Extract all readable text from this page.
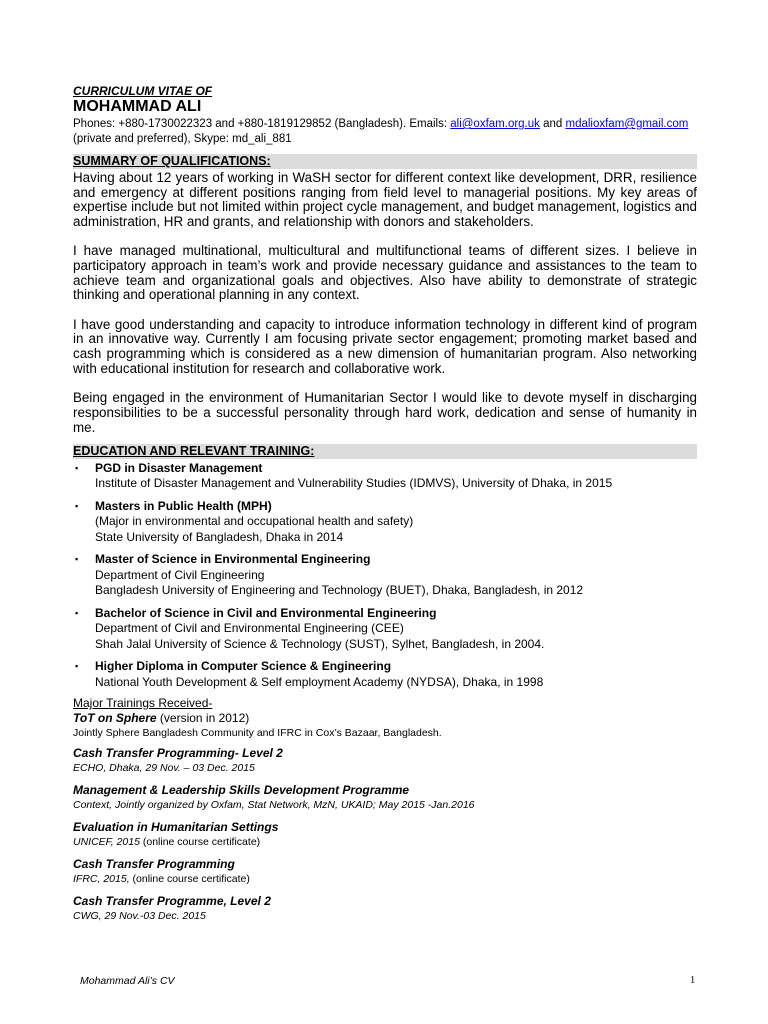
CURRICULUM VITAE OF
MOHAMMAD ALI
Phones: +880-1730022323 and +880-1819129852 (Bangladesh). Emails: ali@oxfam.org.uk and mdalioxfam@gmail.com
(private and preferred), Skype: md_ali_881
SUMMARY OF QUALIFICATIONS:

Having about 12 years of working in WaSH sector for different context like development, DRR, resilience and emergency at different positions ranging from field level to managerial positions. My key areas of expertise include but not limited within project cycle management, and budget management, logistics and administration, HR and grants, and relationship with donors and stakeholders.

I have managed multinational, multicultural and multifunctional teams of different sizes. I believe in participatory approach in team’s work and provide necessary guidance and assistances to the team to achieve team and organizational goals and objectives. Also have ability to demonstrate of strategic thinking and operational planning in any context.

I have good understanding and capacity to introduce information technology in different kind of program in an innovative way. Currently I am focusing private sector engagement; promoting market based and cash programming which is considered as a new dimension of humanitarian program. Also networking with educational institution for research and collaborative work.

Being engaged in the environment of Humanitarian Sector I would like to devote myself in discharging responsibilities to be a successful personality through hard work, dedication and sense of humanity in me.

EDUCATION AND RELEVANT TRAINING:
▪ PGD in Disaster Management
Institute of Disaster Management and Vulnerability Studies (IDMVS), University of Dhaka, in 2015
▪ Masters in Public Health (MPH)
(Major in environmental and occupational health and safety)
State University of Bangladesh, Dhaka in 2014
▪ Master of Science in Environmental Engineering
Department of Civil Engineering
Bangladesh University of Engineering and Technology (BUET), Dhaka, Bangladesh, in 2012
▪ Bachelor of Science in Civil and Environmental Engineering
Department of Civil and Environmental Engineering (CEE)
Shah Jalal University of Science & Technology (SUST), Sylhet, Bangladesh, in 2004.
▪ Higher Diploma in Computer Science & Engineering
National Youth Development & Self employment Academy (NYDSA), Dhaka, in 1998
Major Trainings Received-
ToT on Sphere (version in 2012)
Jointly Sphere Bangladesh Community and IFRC in Cox’s Bazaar, Bangladesh.
Cash Transfer Programming- Level 2
ECHO, Dhaka, 29 Nov. – 03 Dec. 2015
Management & Leadership Skills Development Programme
Context, Jointly organized by Oxfam, Stat Network, MzN, UKAID; May 2015 -Jan.2016
Evaluation in Humanitarian Settings
UNICEF, 2015 (online course certificate)
Cash Transfer Programming
IFRC, 2015, (online course certificate)
Cash Transfer Programme, Level 2
CWG, 29 Nov.-03 Dec. 2015
Mohammad Ali’s CV	1
